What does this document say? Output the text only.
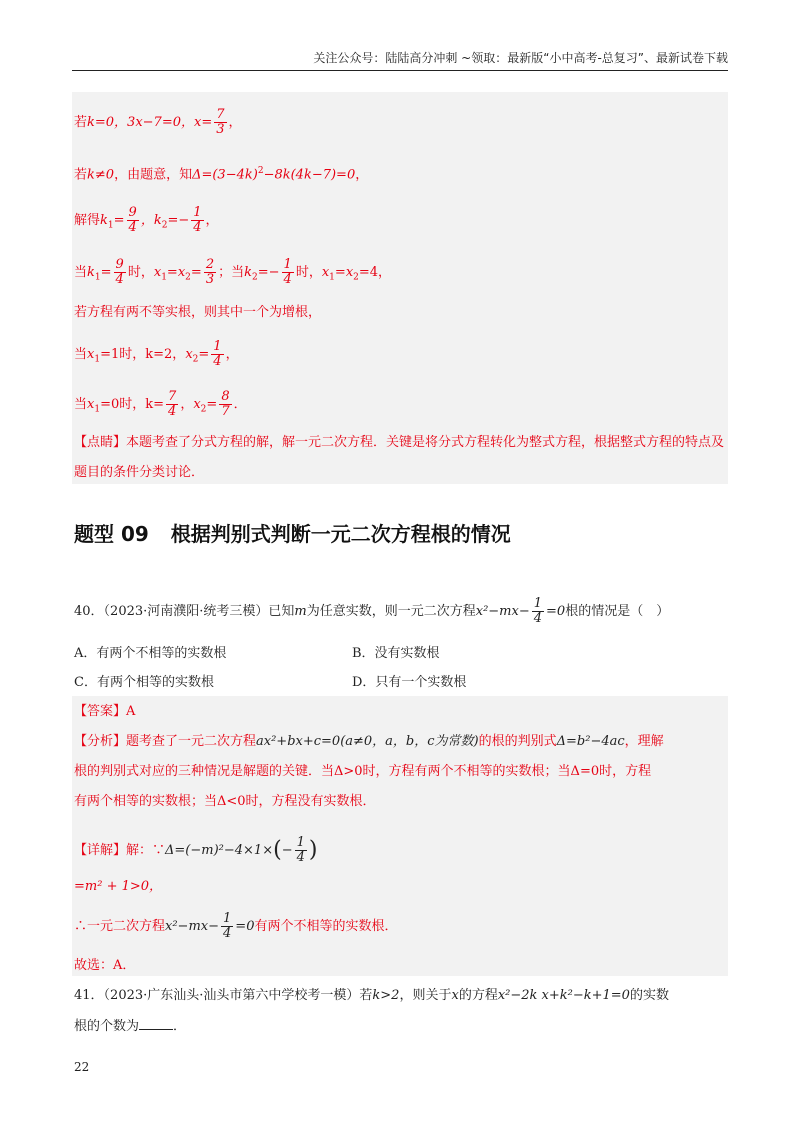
关注公众号：陆陆高分冲刺 ~领取：最新版“小中高考-总复习”、最新试卷下载
若k=0，3x−7=0，$x= \frac{7}{3}$ ，
若k≠0，由题意，知$\Delta=(3-4k)^2-8k(4k-7)=0$，
解得$k_1= \frac{9}{4}$ ，$k_2=- \frac{1}{4}$ ，
当$k_1= \frac{9}{4}$ 时，$x_1=x_2= \frac{2}{3}$ ；当$k_2=- \frac{1}{4}$ 时，$x_1=x_2=4$，
若方程有两不等实根，则其中一个为增根，
当$x_1=1$时，k=2，$x_2= \frac{1}{4}$ ，
当$x_1=0$时，$k= \frac{7}{4}$ ，$x_2= \frac{8}{7}$ ．
【点睛】本题考查了分式方程的解，解一元二次方程．关键是将分式方程转化为整式方程，根据整式方程的特点及题目的条件分类讨论．
题型 09 根据判别式判断一元二次方程根的情况
40．（2023·河南濮阳·统考三模）已知m为任意实数，则一元二次方程$x^2-mx- \frac{1}{4} =0$根的情况是（　）
A．有两个不相等的实数根	B．没有实数根
C．有两个相等的实数根	D．只有一个实数根
【答案】A
【分析】题考查了一元二次方程ax²+bx+c=0(a≠0，a，b，c为常数)的根的判别式Δ=b²−4ac，理解
根的判别式对应的三种情况是解题的关键．当Δ>0时，方程有两个不相等的实数根；当Δ=0时，方程
有两个相等的实数根；当Δ<0时，方程没有实数根．
【详解】解：∵Δ=(−m)²−4×1×(− $\frac{1}{4}$ )
=m² + 1>0，
∴一元二次方程$x^2-mx- \frac{1}{4} =0$有两个不相等的实数根．
故选：A．
41．（2023·广东汕头·汕头市第六中学校考一模）若k>2，则关于x的方程x²−2k x+k²−k+1=0的实数
根的个数为	．
22
